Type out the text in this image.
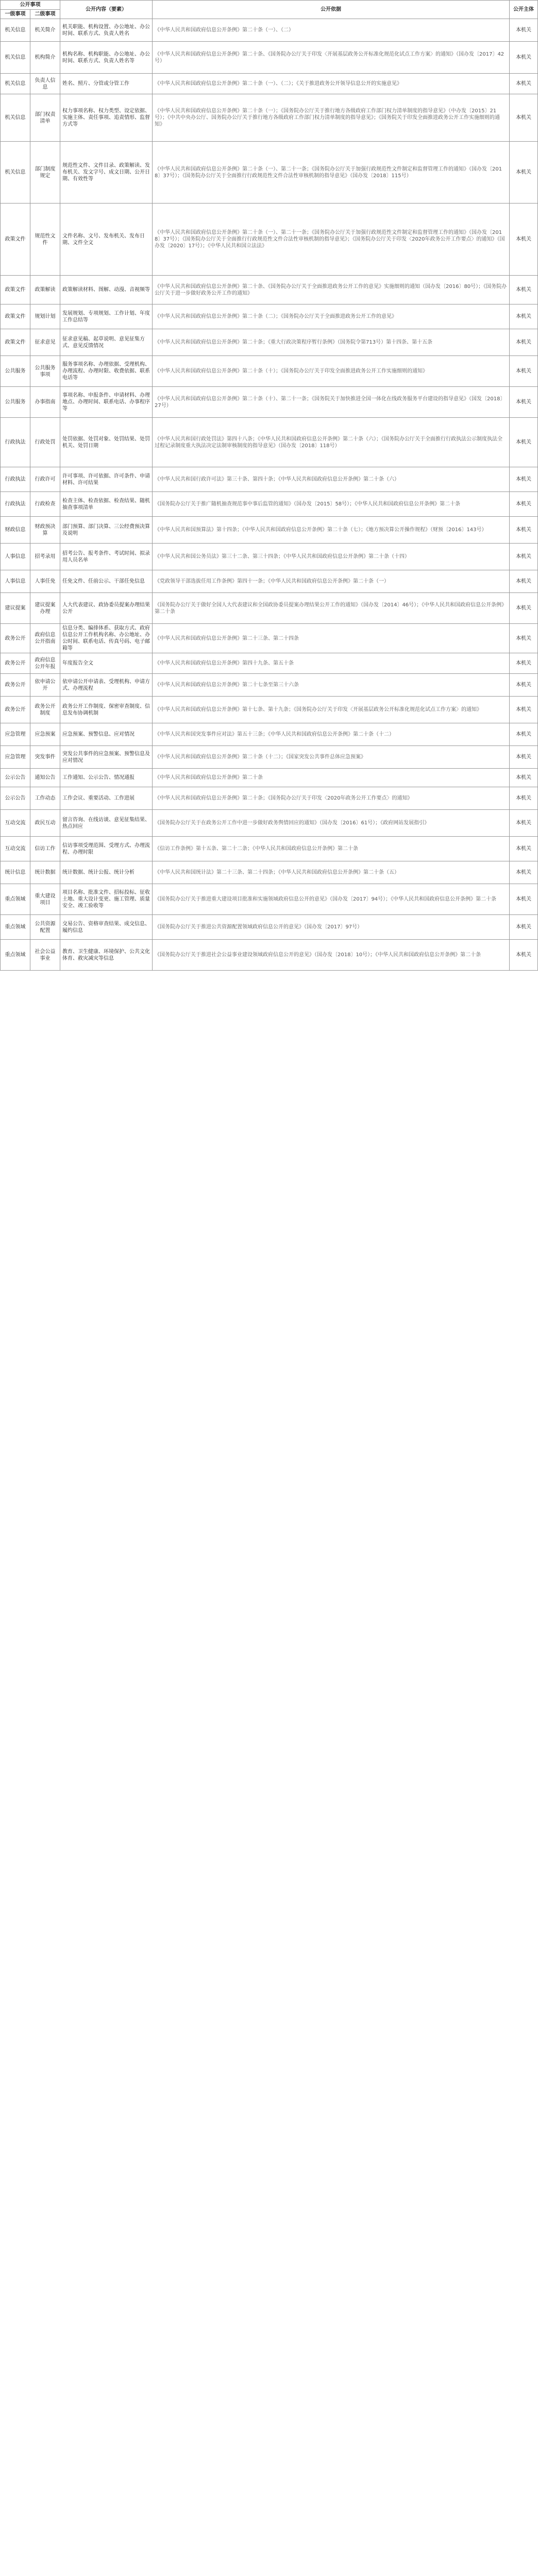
公开事项		公开内容（要素）	公开依据	公开主体
一级事项	二级事项			
机关信息	机关简介	机关职能、机构设置、办公地址、办公时间、联系方式、负责人姓名	《中华人民共和国政府信息公开条例》第二十条（一）、（二）	本机关
机关信息	机构简介	机构名称、机构职能、办公地址、办公时间、联系方式、负责人姓名等	《中华人民共和国政府信息公开条例》第二十条、《国务院办公厅关于印发〈开展基层政务公开标准化规范化试点工作方案〉的通知》（国办发〔2017〕42号）	本机关
机关信息	负责人信息	姓名、照片、分管或分管工作	《中华人民共和国政府信息公开条例》第二十条（一）、（二）；《关于推进政务公开领导信息公开的实施意见》	本机关
机关信息	部门权责清单	权力事项名称、权力类型、设定依据、实施主体、责任事项、追责情形、监督方式等	《中华人民共和国政府信息公开条例》第二十条（一）；《国务院办公厅关于推行地方各级政府工作部门权力清单制度的指导意见》（中办发〔2015〕21号）；《中共中央办公厅、国务院办公厅关于推行地方各级政府工作部门权力清单制度的指导意见》；《国务院关于印发全面推进政务公开工作实施细则的通知》	本机关
机关信息	部门制度规定	规范性文件、文件目录、政策解读、发布机关、发文字号、成文日期、公开日期、有效性等	《中华人民共和国政府信息公开条例》第二十条（一）、第二十一条；《国务院办公厅关于加强行政规范性文件制定和监督管理工作的通知》（国办发〔2018〕37号）；《国务院办公厅关于全面推行行政规范性文件合法性审核机制的指导意见》（国办发〔2018〕115号）	本机关
政策文件	规范性文件	文件名称、文号、发布机关、发布日期、文件全文	《中华人民共和国政府信息公开条例》第二十条（一）、第二十一条；《国务院办公厅关于加强行政规范性文件制定和监督管理工作的通知》（国办发〔2018〕37号）；《国务院办公厅关于全面推行行政规范性文件合法性审核机制的指导意见》；《国务院办公厅关于印发〈2020年政务公开工作要点〉的通知》（国办发〔2020〕17号）；《中华人民共和国立法法》	本机关
政策文件	政策解读	政策解读材料、图解、动漫、音视频等	《中华人民共和国政府信息公开条例》第二十条、《国务院办公厅关于全面推进政务公开工作的意见》实施细则的通知（国办发〔2016〕80号）；《国务院办公厅关于进一步做好政务公开工作的通知》	本机关
政策文件	规划计划	发展规划、专项规划、工作计划、年度工作总结等	《中华人民共和国政府信息公开条例》第二十条（二）；《国务院办公厅关于全面推进政务公开工作的意见》	本机关
政策文件	征求意见	征求意见稿、起草说明、意见征集方式、意见反馈情况	《中华人民共和国政府信息公开条例》第二十条；《重大行政决策程序暂行条例》（国务院令第713号）第十四条、第十五条	本机关
公共服务	公共服务事项	服务事项名称、办理依据、受理机构、办理流程、办理时限、收费依据、联系电话等	《中华人民共和国政府信息公开条例》第二十条（十）；《国务院办公厅关于印发全面推进政务公开工作实施细则的通知》	本机关
公共服务	办事指南	事项名称、申报条件、申请材料、办理地点、办理时间、联系电话、办事程序等	《中华人民共和国政府信息公开条例》第二十条（十）、第二十一条；《国务院关于加快推进全国一体化在线政务服务平台建设的指导意见》（国发〔2018〕27号）	本机关
行政执法	行政处罚	处罚依据、处罚对象、处罚结果、处罚机关、处罚日期	《中华人民共和国行政处罚法》第四十八条；《中华人民共和国政府信息公开条例》第二十条（六）；《国务院办公厅关于全面推行行政执法公示制度执法全过程记录制度重大执法决定法制审核制度的指导意见》（国办发〔2018〕118号）	本机关
行政执法	行政许可	许可事项、许可依据、许可条件、申请材料、许可结果	《中华人民共和国行政许可法》第三十条、第四十条；《中华人民共和国政府信息公开条例》第二十条（六）	本机关
行政执法	行政检查	检查主体、检查依据、检查结果、随机抽查事项清单	《国务院办公厅关于推广随机抽查规范事中事后监管的通知》（国办发〔2015〕58号）；《中华人民共和国政府信息公开条例》第二十条	本机关
财政信息	财政预决算	部门预算、部门决算、三公经费预决算及说明	《中华人民共和国预算法》第十四条；《中华人民共和国政府信息公开条例》第二十条（七）；《地方预决算公开操作规程》（财预〔2016〕143号）	本机关
人事信息	招考录用	招考公告、报考条件、考试时间、拟录用人员名单	《中华人民共和国公务员法》第三十二条、第三十四条；《中华人民共和国政府信息公开条例》第二十条（十四）	本机关
人事信息	人事任免	任免文件、任前公示、干部任免信息	《党政领导干部选拔任用工作条例》第四十一条；《中华人民共和国政府信息公开条例》第二十条（一）	本机关
建议提案	建议提案办理	人大代表建议、政协委员提案办理结果公开	《国务院办公厅关于做好全国人大代表建议和全国政协委员提案办理结果公开工作的通知》（国办发〔2014〕46号）；《中华人民共和国政府信息公开条例》第二十条	本机关
政务公开	政府信息公开指南	信息分类、编排体系、获取方式、政府信息公开工作机构名称、办公地址、办公时间、联系电话、传真号码、电子邮箱等	《中华人民共和国政府信息公开条例》第二十三条、第二十四条	本机关
政务公开	政府信息公开年报	年度报告全文	《中华人民共和国政府信息公开条例》第四十九条、第五十条	本机关
政务公开	依申请公开	依申请公开申请表、受理机构、申请方式、办理流程	《中华人民共和国政府信息公开条例》第二十七条至第三十六条	本机关
政务公开	政务公开制度	政务公开工作制度、保密审查制度、信息发布协调机制	《中华人民共和国政府信息公开条例》第十七条、第十九条；《国务院办公厅关于印发〈开展基层政务公开标准化规范化试点工作方案〉的通知》	本机关
应急管理	应急预案	应急预案、预警信息、应对情况	《中华人民共和国突发事件应对法》第五十三条；《中华人民共和国政府信息公开条例》第二十条（十二）	本机关
应急管理	突发事件	突发公共事件的应急预案、预警信息及应对情况	《中华人民共和国政府信息公开条例》第二十条（十二）；《国家突发公共事件总体应急预案》	本机关
公示公告	通知公告	工作通知、公示公告、情况通报	《中华人民共和国政府信息公开条例》第二十条	本机关
公示公告	工作动态	工作会议、重要活动、工作进展	《中华人民共和国政府信息公开条例》第二十条；《国务院办公厅关于印发〈2020年政务公开工作要点〉的通知》	本机关
互动交流	政民互动	留言咨询、在线访谈、意见征集结果、热点回应	《国务院办公厅关于在政务公开工作中进一步做好政务舆情回应的通知》（国办发〔2016〕61号）；《政府网站发展指引》	本机关
互动交流	信访工作	信访事项受理范围、受理方式、办理流程、办理时限	《信访工作条例》第十五条、第二十二条；《中华人民共和国政府信息公开条例》第二十条	本机关
统计信息	统计数据	统计数据、统计公报、统计分析	《中华人民共和国统计法》第二十三条、第二十四条；《中华人民共和国政府信息公开条例》第二十条（五）	本机关
重点领域	重大建设项目	项目名称、批准文件、招标投标、征收土地、重大设计变更、施工管理、质量安全、竣工验收等	《国务院办公厅关于推进重大建设项目批准和实施领域政府信息公开的意见》（国办发〔2017〕94号）；《中华人民共和国政府信息公开条例》第二十条	本机关
重点领域	公共资源配置	交易公告、资格审查结果、成交信息、履约信息	《国务院办公厅关于推进公共资源配置领域政府信息公开的意见》（国办发〔2017〕97号）	本机关
重点领域	社会公益事业	教育、卫生健康、环境保护、公共文化体育、救灾减灾等信息	《国务院办公厅关于推进社会公益事业建设领域政府信息公开的意见》（国办发〔2018〕10号）；《中华人民共和国政府信息公开条例》第二十条	本机关
